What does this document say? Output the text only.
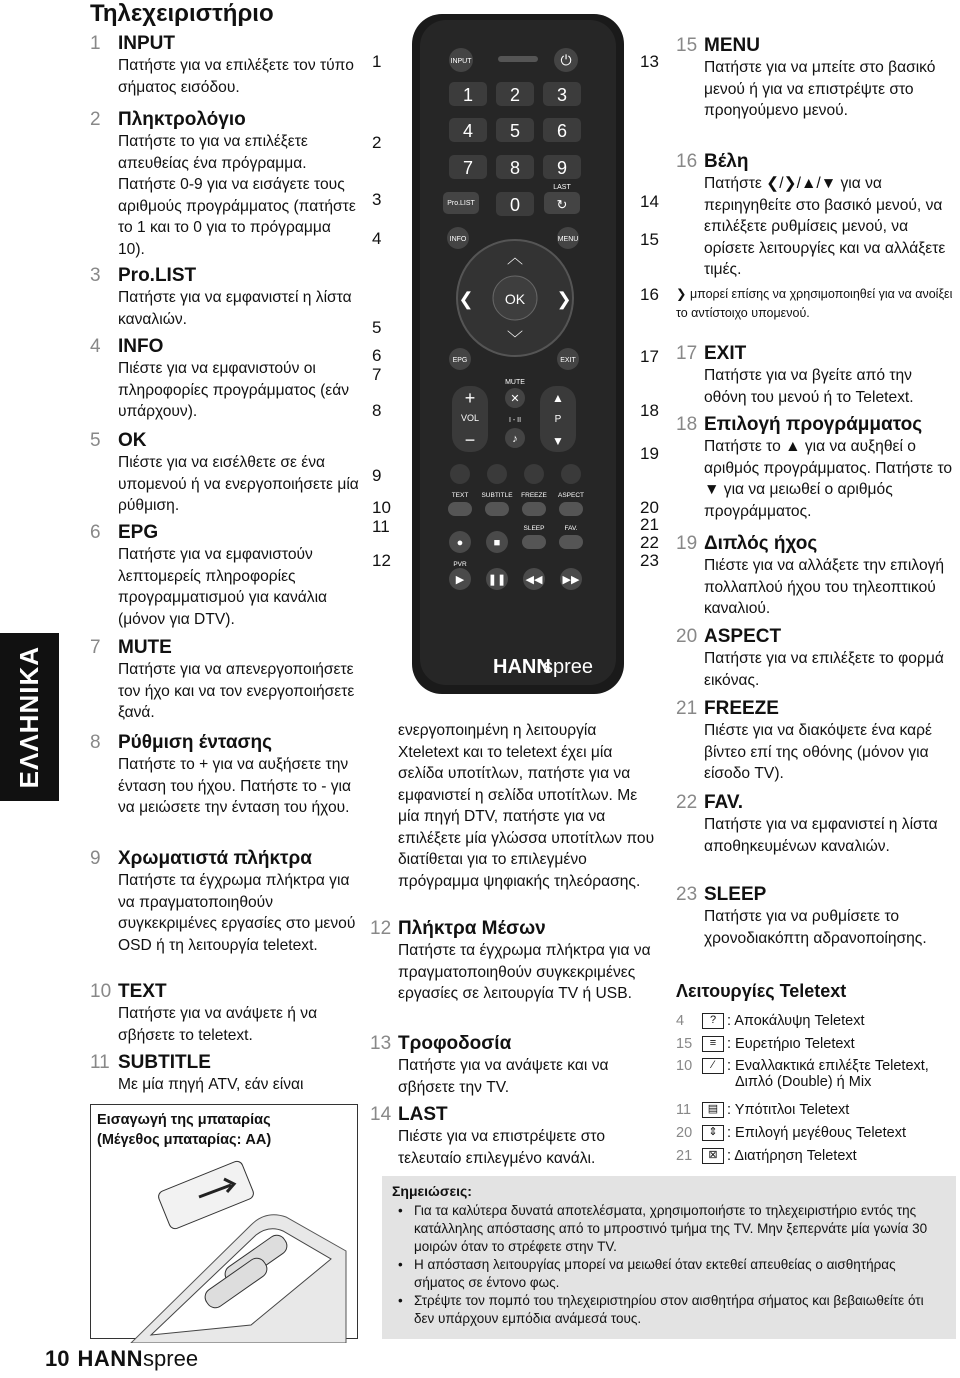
Τηλεχειριστήριο
ΕΛΛΗΝΙΚΑ
1 INPUT
Πατήστε για να επιλέξετε τον τύπο σήματος εισόδου.
2 Πληκτρολόγιο
Πατήστε το για να επιλέξετε απευθείας ένα πρόγραμμα. Πατήστε 0-9 για να εισάγετε τους αριθμούς προγράμματος (πατήστε το 1 και το 0 για το πρόγραμμα 10).
3 Pro.LIST
Πατήστε για να εμφανιστεί η λίστα καναλιών.
4 INFO
Πιέστε για να εμφανιστούν οι πληροφορίες προγράμματος (εάν υπάρχουν).
5 OK
Πιέστε για να εισέλθετε σε ένα υπομενού ή να ενεργοποιήσετε μία ρύθμιση.
6 EPG
Πατήστε για να εμφανιστούν λεπτομερείς πληροφορίες προγραμματισμού για κανάλια (μόνον για DTV).
7 MUTE
Πατήστε για να απενεργοποιήσετε τον ήχο και να τον ενεργοποιήσετε ξανά.
8 Ρύθμιση έντασης
Πατήστε το + για να αυξήσετε την ένταση του ήχου. Πατήστε το - για να μειώσετε την ένταση του ήχου.
9 Χρωματιστά πλήκτρα
Πατήστε τα έγχρωμα πλήκτρα για να πραγματοποιηθούν συγκεκριμένες εργασίες στο μενού OSD ή τη λειτουργία teletext.
10 TEXT
Πατήστε για να ανάψετε ή να σβήσετε το teletext.
11 SUBTITLE
Με μία πηγή ATV, εάν είναι
INPUT	⏻
1 2 3
4 5 6
7 8 9
0
Pro.LIST
LAST
↻
INFO	MENU
OK
︿
﹀
❮	❯
EPG	EXIT
+
VOL
−
MUTE
✕
I - II
♪
▲
P
▼
TEXT SUBTITLE FREEZE ASPECT
SLEEP	FAV.
●	■
PVR
▶ ❚❚ ◀◀ ▶▶
HANN
spree
1
2
3
4
5
6
7
8
9
10
11
12
13
14
15
16
17
18
19
20
21
22
23
ενεργοποιημένη η λειτουργία Xteletext και το teletext έχει μία σελίδα υποτίτλων, πατήστε για να εμφανιστεί η σελίδα υποτίτλων. Με μία πηγή DTV, πατήστε για να επιλέξετε μία γλώσσα υποτίτλων που διατίθεται για το επιλεγμένο πρόγραμμα ψηφιακής τηλεόρασης.
12 Πλήκτρα Μέσων
Πατήστε τα έγχρωμα πλήκτρα για να πραγματοποιηθούν συγκεκριμένες εργασίες σε λειτουργία TV ή USB.
13 Τροφοδοσία
Πατήστε για να ανάψετε και να σβήσετε την TV.
14 LAST
Πιέστε για να επιστρέψετε στο τελευταίο επιλεγμένο κανάλι.
15 MENU
Πατήστε για να μπείτε στο βασικό μενού ή για να επιστρέψτε στο προηγούμενο μενού.
16 Βέλη
Πατήστε ❮/❯/▲/▼ για να περιηγηθείτε στο βασικό μενού, να επιλέξετε ρυθμίσεις μενού, να ορίσετε λειτουργίες και να αλλάξετε τιμές.
❯ μπορεί επίσης να χρησιμοποιηθεί για να ανοίξει το αντίστοιχο υπομενού.
17 EXIT
Πατήστε για να βγείτε από την οθόνη του μενού ή το Teletext.
18 Επιλογή προγράμματος
Πατήστε το ▲ για να αυξηθεί ο αριθμός προγράμματος. Πατήστε το ▼ για να μειωθεί ο αριθμός προγράμματος.
19 Διπλός ήχος
Πιέστε για να αλλάξετε την επιλογή πολλαπλού ήχου του τηλεοπτικού καναλιού.
20 ASPECT
Πατήστε για να επιλέξετε το φορμά εικόνας.
21 FREEZE
Πιέστε για να διακόψετε ένα καρέ βίντεο επί της οθόνης (μόνον για είσοδο TV).
22 FAV.
Πατήστε για να εμφανιστεί η λίστα αποθηκευμένων καναλιών.
23 SLEEP
Πατήστε για να ρυθμίσετε το χρονοδιακόπτη αδρανοποίησης.
Λειτουργίες Teletext
4	? : Αποκάλυψη Teletext
15	≡ : Ευρετήριο Teletext
10	⁄ : Εναλλακτικά επιλέξτε Teletext,
Διπλό (Double) ή Mix
11	▤ : Υπότιτλοι Teletext
20	⇕ : Επιλογή μεγέθους Teletext
21	⊠ : Διατήρηση Teletext
Εισαγωγή της μπαταρίας
(Μέγεθος μπαταρίας: AA)
Σημειώσεις:
• Για τα καλύτερα δυνατά αποτελέσματα, χρησιμοποιήστε το τηλεχειριστήριο εντός της κατάλληλης απόστασης από το μπροστινό τμήμα της TV. Μην ξεπερνάτε μία γωνία 30 μοιρών όταν το στρέφετε στην TV.
• Η απόσταση λειτουργίας μπορεί να μειωθεί όταν εκτεθεί απευθείας ο αισθητήρας σήματος σε έντονο φως.
• Στρέψτε τον πομπό του τηλεχειριστηρίου στον αισθητήρα σήματος και βεβαιωθείτε ότι δεν υπάρχουν εμπόδια ανάμεσά τους.
10 HANNspree
